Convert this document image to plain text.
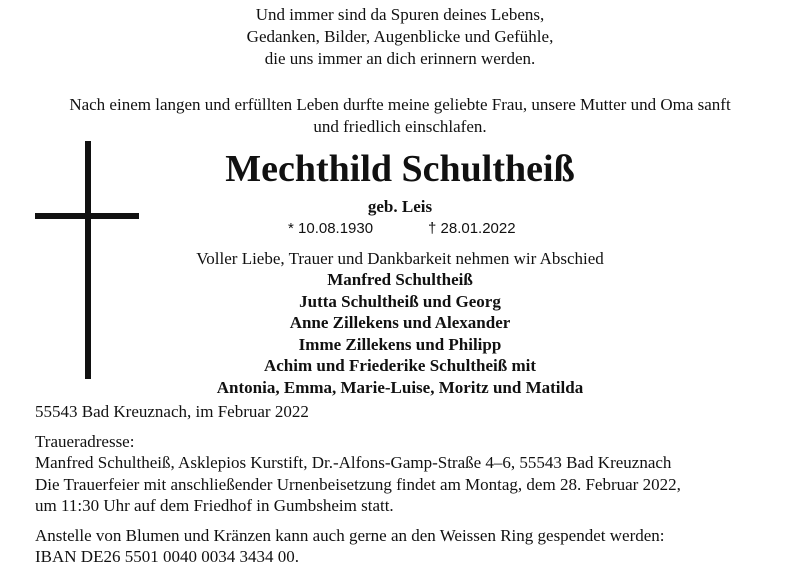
Und immer sind da Spuren deines Lebens,
Gedanken, Bilder, Augenblicke und Gefühle,
die uns immer an dich erinnern werden.
Nach einem langen und erfüllten Leben durfte meine geliebte Frau, unsere Mutter und Oma sanft
und friedlich einschlafen.
Mechthild Schultheiß
geb. Leis
* 10.08.1930	† 28.01.2022
Voller Liebe, Trauer und Dankbarkeit nehmen wir Abschied
Manfred Schultheiß
Jutta Schultheiß und Georg
Anne Zillekens und Alexander
Imme Zillekens und Philipp
Achim und Friederike Schultheiß mit
Antonia, Emma, Marie-Luise, Moritz und Matilda
55543 Bad Kreuznach, im Februar 2022
Traueradresse:
Manfred Schultheiß, Asklepios Kurstift, Dr.-Alfons-Gamp-Straße 4–6, 55543 Bad Kreuznach
Die Trauerfeier mit anschließender Urnenbeisetzung findet am Montag, dem 28. Februar 2022,
um 11:30 Uhr auf dem Friedhof in Gumbsheim statt.
Anstelle von Blumen und Kränzen kann auch gerne an den Weissen Ring gespendet werden:
IBAN DE26 5501 0040 0034 3434 00.
